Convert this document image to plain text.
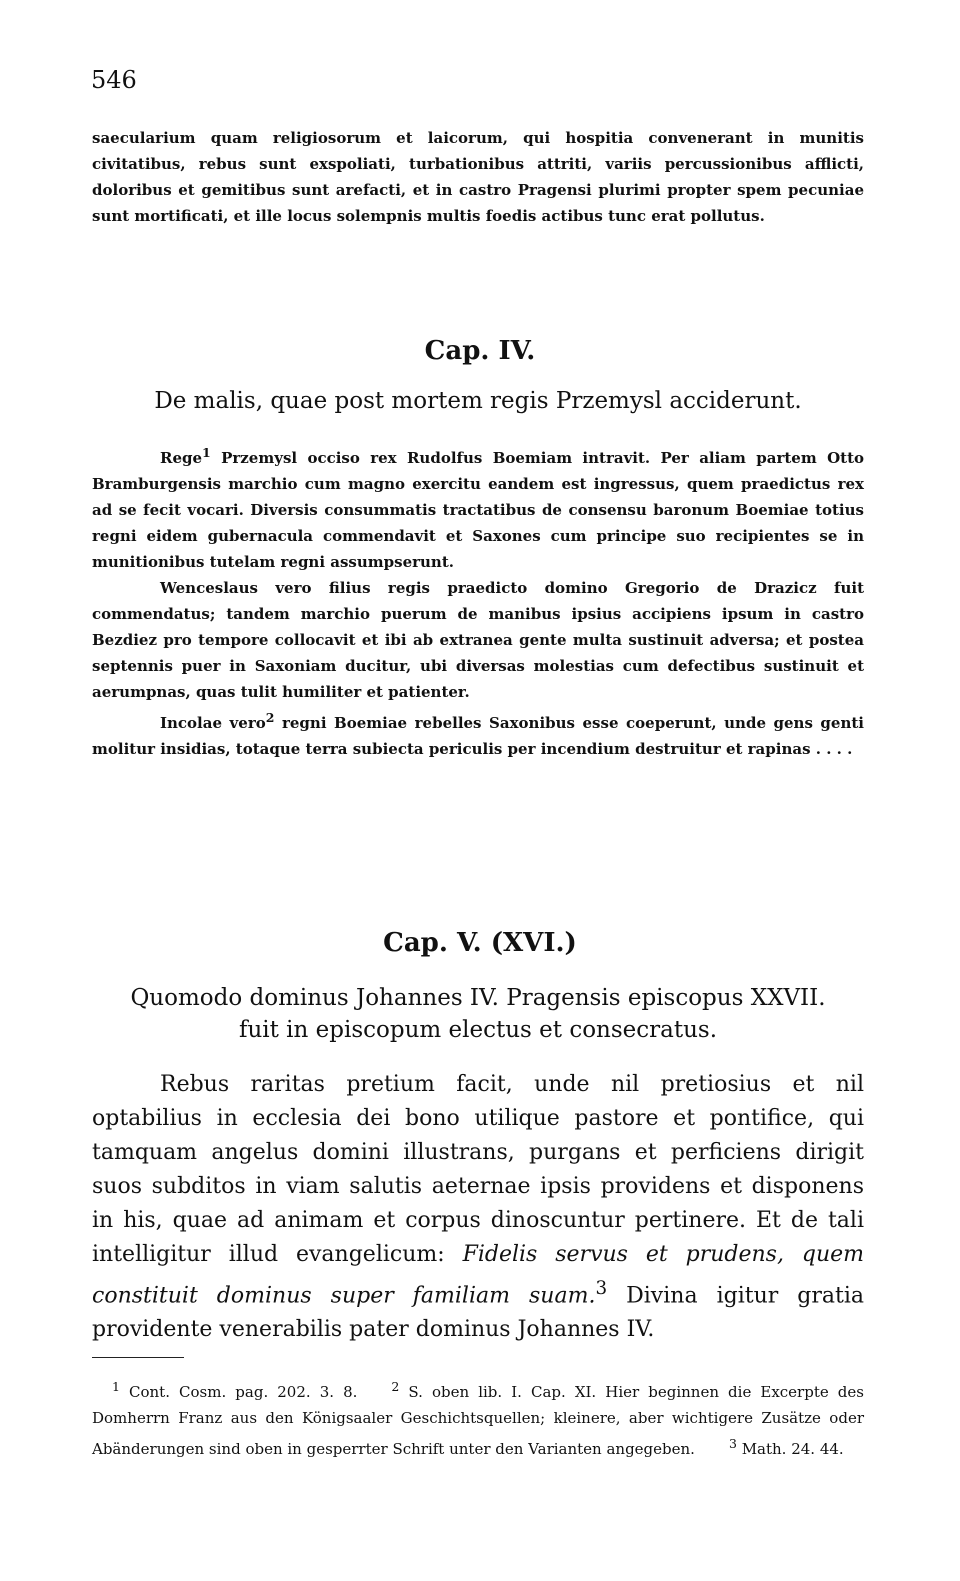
546

saecularium quam religiosorum et laicorum, qui hospitia convenerant in munitis civitatibus, rebus sunt exspoliati, turbationibus attriti, variis percussionibus afflicti, doloribus et gemitibus sunt arefacti, et in castro Pragensi plurimi propter spem pecuniae sunt mortificati, et ille locus solempnis multis foedis actibus tunc erat pollutus.

Cap. IV.
De malis, quae post mortem regis Przemysl acciderunt.

Rege$^1$ Przemysl occiso rex Rudolfus Boemiam intravit. Per aliam partem Otto Bramburgensis marchio cum magno exercitu eandem est ingressus, quem praedictus rex ad se fecit vocari. Diversis consummatis tractatibus de consensu baronum Boemiae totius regni eidem gubernacula commendavit et Saxones cum principe suo recipientes se in munitionibus tutelam regni assumpserunt.

Wenceslaus vero filius regis praedicto domino Gregorio de Drazicz fuit commendatus; tandem marchio puerum de manibus ipsius accipiens ipsum in castro Bezdiez pro tempore collocavit et ibi ab extranea gente multa sustinuit adversa; et postea septennis puer in Saxoniam ducitur, ubi diversas molestias cum defectibus sustinuit et aerumpnas, quas tulit humiliter et patienter.

Incolae vero$^2$ regni Boemiae rebelles Saxonibus esse coeperunt, unde gens genti molitur insidias, totaque terra subiecta periculis per incendium destruitur et rapinas . . . .

Cap. V. (XVI.)
Quomodo dominus Johannes IV. Pragensis episcopus XXVII.
fuit in episcopum electus et consecratus.

Rebus raritas pretium facit, unde nil pretiosius et nil optabilius in ecclesia dei bono utilique pastore et pontifice, qui tamquam angelus domini illustrans, purgans et perficiens dirigit suos subditos in viam salutis aeternae ipsis providens et disponens in his, quae ad animam et corpus dinoscuntur pertinere. Et de tali intelligitur illud evangelicum: Fidelis servus et prudens, quem constituit dominus super familiam suam.$^3$ Divina igitur gratia providente venerabilis pater dominus Johannes IV.

$^1$ Cont. Cosm. pag. 202. 3. 8.	$^2$ S. oben lib. I. Cap. XI. Hier beginnen die Excerpte des Domherrn Franz aus den Königsaaler Geschichtsquellen; kleinere, aber wichtigere Zusätze oder Abänderungen sind oben in gesperrter Schrift unter den Varianten angegeben.	$^3$ Math. 24. 44.
